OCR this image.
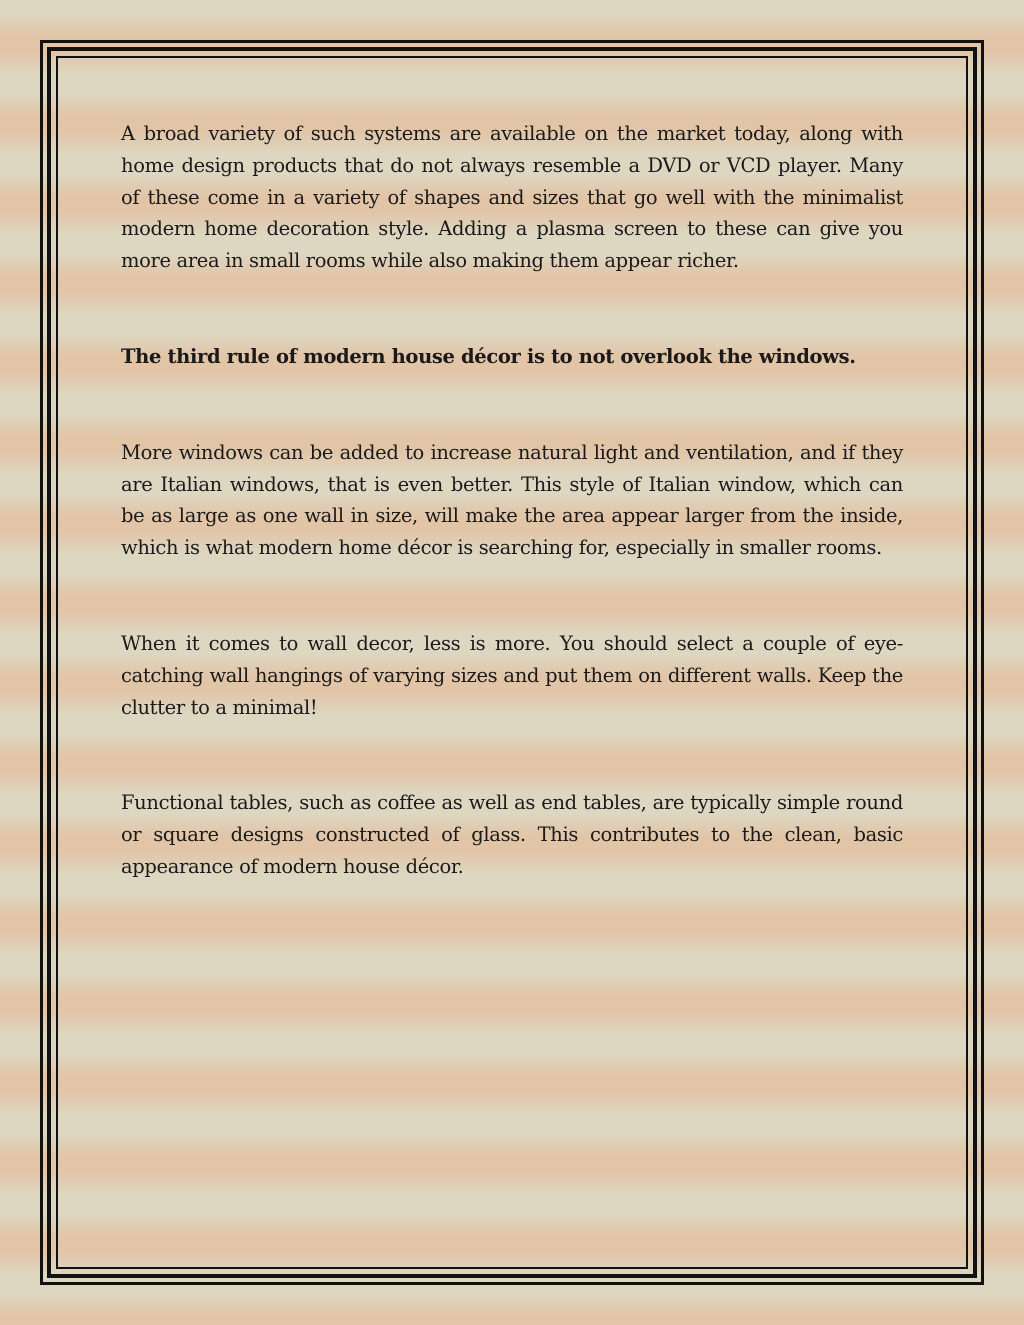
A broad variety of such systems are available on the market today, along with home design products that do not always resemble a DVD or VCD player. Many of these come in a variety of shapes and sizes that go well with the minimalist modern home decoration style. Adding a plasma screen to these can give you more area in small rooms while also making them appear richer.

The third rule of modern house décor is to not overlook the windows.

More windows can be added to increase natural light and ventilation, and if they are Italian windows, that is even better. This style of Italian window, which can be as large as one wall in size, will make the area appear larger from the inside, which is what modern home décor is searching for, especially in smaller rooms.

When it comes to wall decor, less is more. You should select a couple of eye-catching wall hangings of varying sizes and put them on different walls. Keep the clutter to a minimal!

Functional tables, such as coffee as well as end tables, are typically simple round or square designs constructed of glass. This contributes to the clean, basic appearance of modern house décor.
